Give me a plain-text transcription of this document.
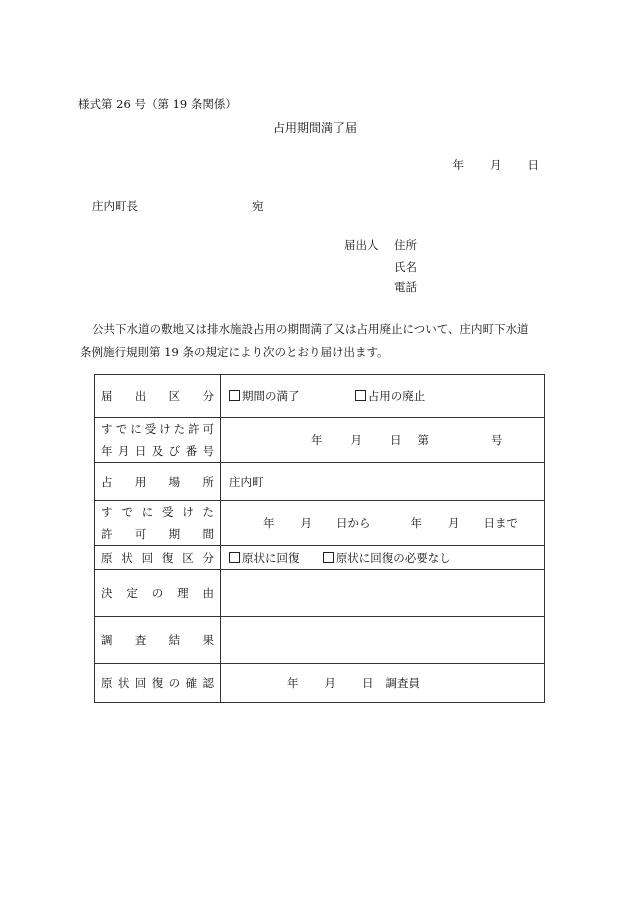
様式第 26 号（第 19 条関係）
占用期間満了届
年 月 日
庄内町長	宛
届出人 住所
氏名
電話

公共下水道の敷地又は排水施設占用の期間満了又は占用廃止について、庄内町下水道

条例施行規則第 19 条の規定により次のとおり届け出ます。

届出区分	期間の満了 占用の廃止

すでに受けた許可
年月日及び番号	年 月 日 第 号
占用場所	庄内町

すでに受けた
許可期間	年 月 日から 年 月 日まで
原状回復区分	原状に回復 原状に回復の必要なし
決定の理由	
調査結果	
原状回復の確認	年 月 日 調査員
